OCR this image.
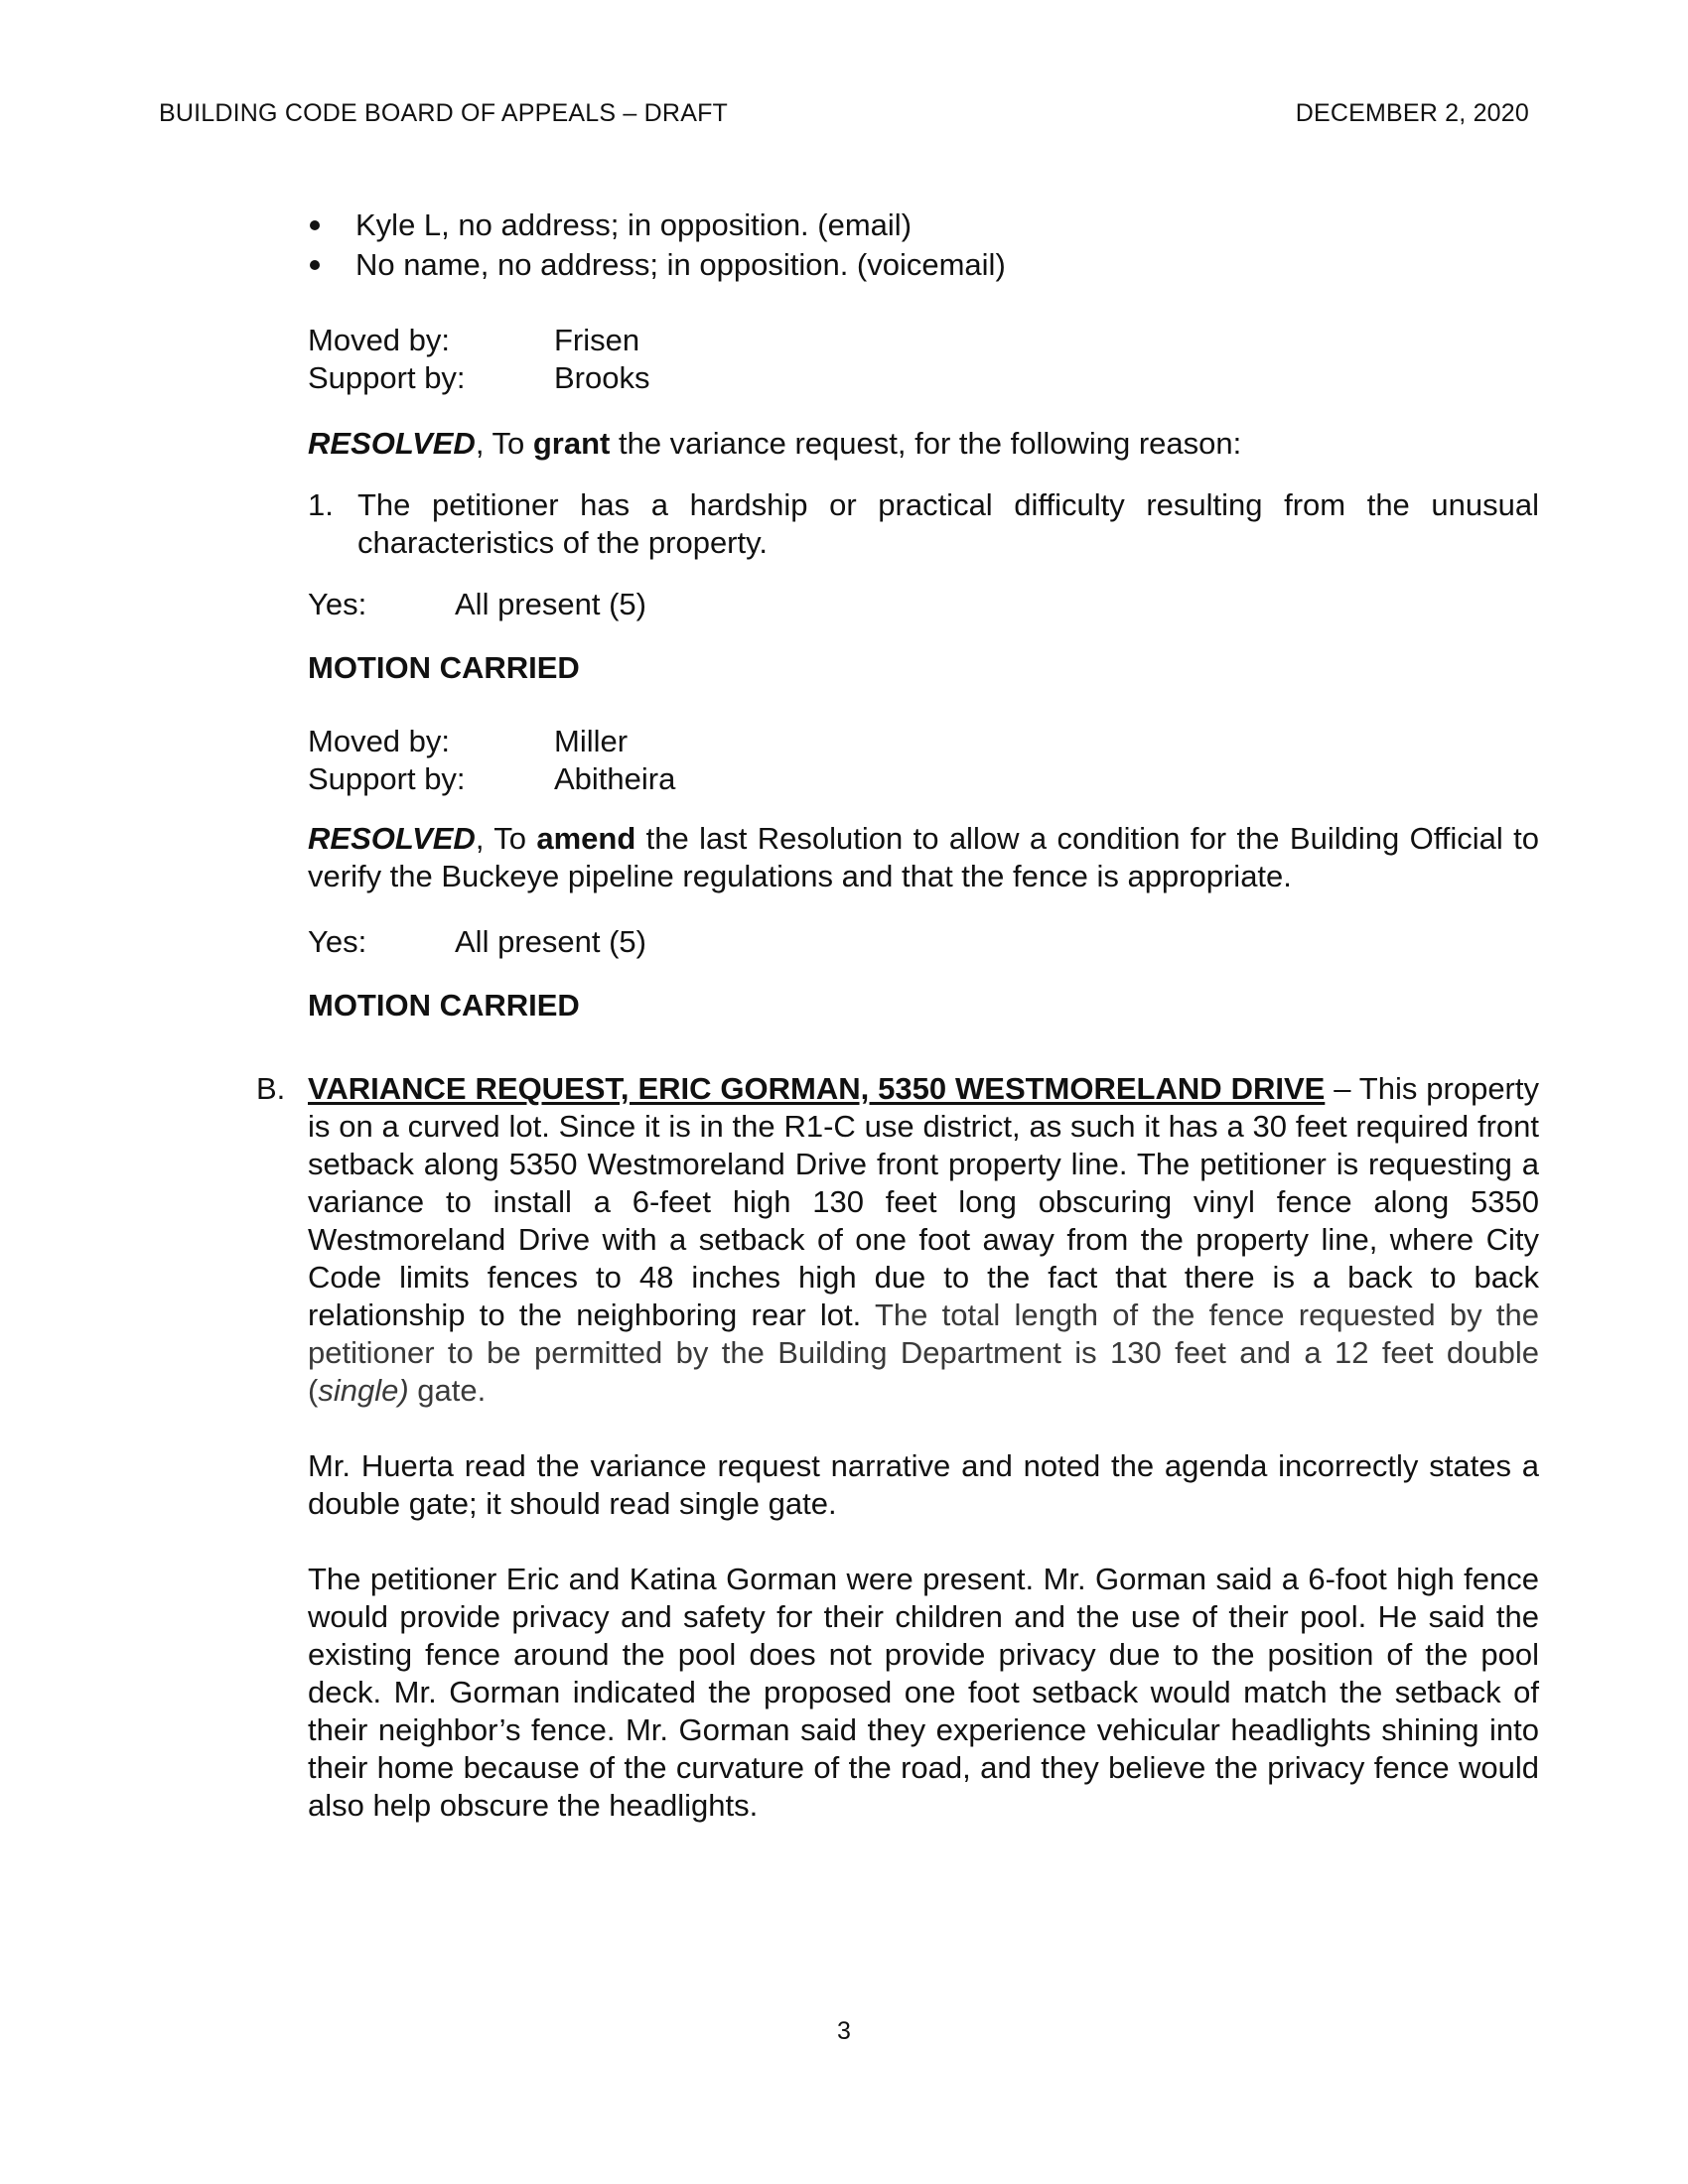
BUILDING CODE BOARD OF APPEALS – DRAFT	DECEMBER 2, 2020
Kyle L, no address; in opposition. (email)
No name, no address; in opposition. (voicemail)
Moved by:	Frisen
Support by:	Brooks
RESOLVED, To grant the variance request, for the following reason:
1. The petitioner has a hardship or practical difficulty resulting from the unusual characteristics of the property.
Yes:	All present (5)
MOTION CARRIED
Moved by:	Miller
Support by:	Abitheira
RESOLVED, To amend the last Resolution to allow a condition for the Building Official to verify the Buckeye pipeline regulations and that the fence is appropriate.
Yes:	All present (5)
MOTION CARRIED
B. VARIANCE REQUEST, ERIC GORMAN, 5350 WESTMORELAND DRIVE – This property is on a curved lot. Since it is in the R1-C use district, as such it has a 30 feet required front setback along 5350 Westmoreland Drive front property line. The petitioner is requesting a variance to install a 6-feet high 130 feet long obscuring vinyl fence along 5350 Westmoreland Drive with a setback of one foot away from the property line, where City Code limits fences to 48 inches high due to the fact that there is a back to back relationship to the neighboring rear lot. The total length of the fence requested by the petitioner to be permitted by the Building Department is 130 feet and a 12 feet double (single) gate.
Mr. Huerta read the variance request narrative and noted the agenda incorrectly states a double gate; it should read single gate.
The petitioner Eric and Katina Gorman were present. Mr. Gorman said a 6-foot high fence would provide privacy and safety for their children and the use of their pool. He said the existing fence around the pool does not provide privacy due to the position of the pool deck. Mr. Gorman indicated the proposed one foot setback would match the setback of their neighbor’s fence. Mr. Gorman said they experience vehicular headlights shining into their home because of the curvature of the road, and they believe the privacy fence would also help obscure the headlights.
3
